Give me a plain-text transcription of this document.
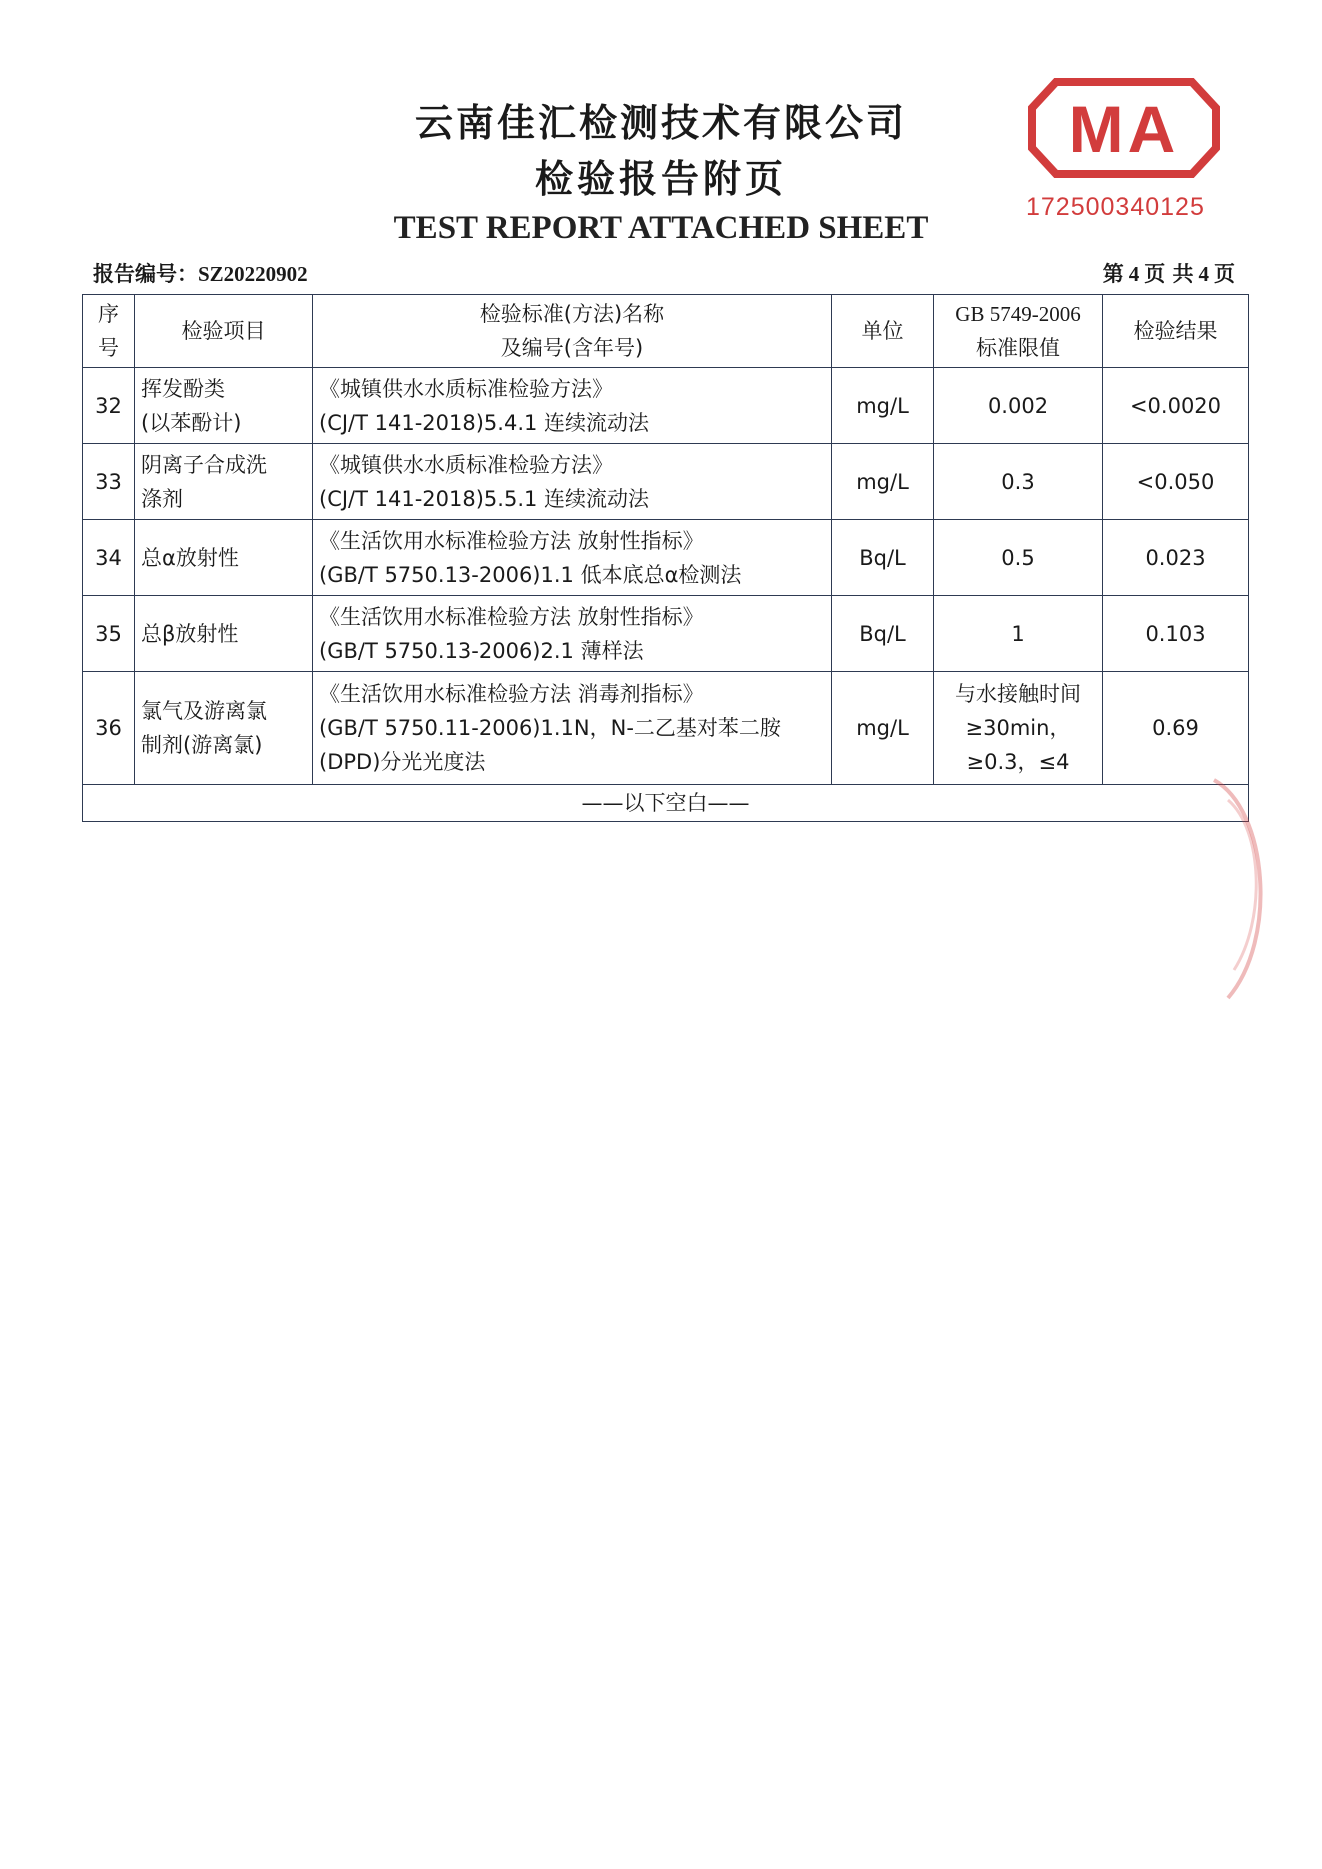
云南佳汇检测技术有限公司
检验报告附页
TEST REPORT ATTACHED SHEET
MA
172500340125
报告编号：SZ20220902	第 4 页 共 4 页
序
号	检验项目	检验标准(方法)名称
及编号(含年号)	单位	GB 5749-2006
标准限值	检验结果
32	挥发酚类
(以苯酚计)	《城镇供水水质标准检验方法》
(CJ/T 141-2018)5.4.1 连续流动法	mg/L	0.002	<0.0020
33	阴离子合成洗
涤剂	《城镇供水水质标准检验方法》
(CJ/T 141-2018)5.5.1 连续流动法	mg/L	0.3	<0.050
34	总α放射性	《生活饮用水标准检验方法 放射性指标》
(GB/T 5750.13-2006)1.1 低本底总α检测法	Bq/L	0.5	0.023
35	总β放射性	《生活饮用水标准检验方法 放射性指标》
(GB/T 5750.13-2006)2.1 薄样法	Bq/L	1	0.103
36	氯气及游离氯
制剂(游离氯)	《生活饮用水标准检验方法 消毒剂指标》
(GB/T 5750.11-2006)1.1N，N-二乙基对苯二胺
(DPD)分光光度法	mg/L	与水接触时间
≥30min，
≥0.3，≤4	0.69
——以下空白——					
